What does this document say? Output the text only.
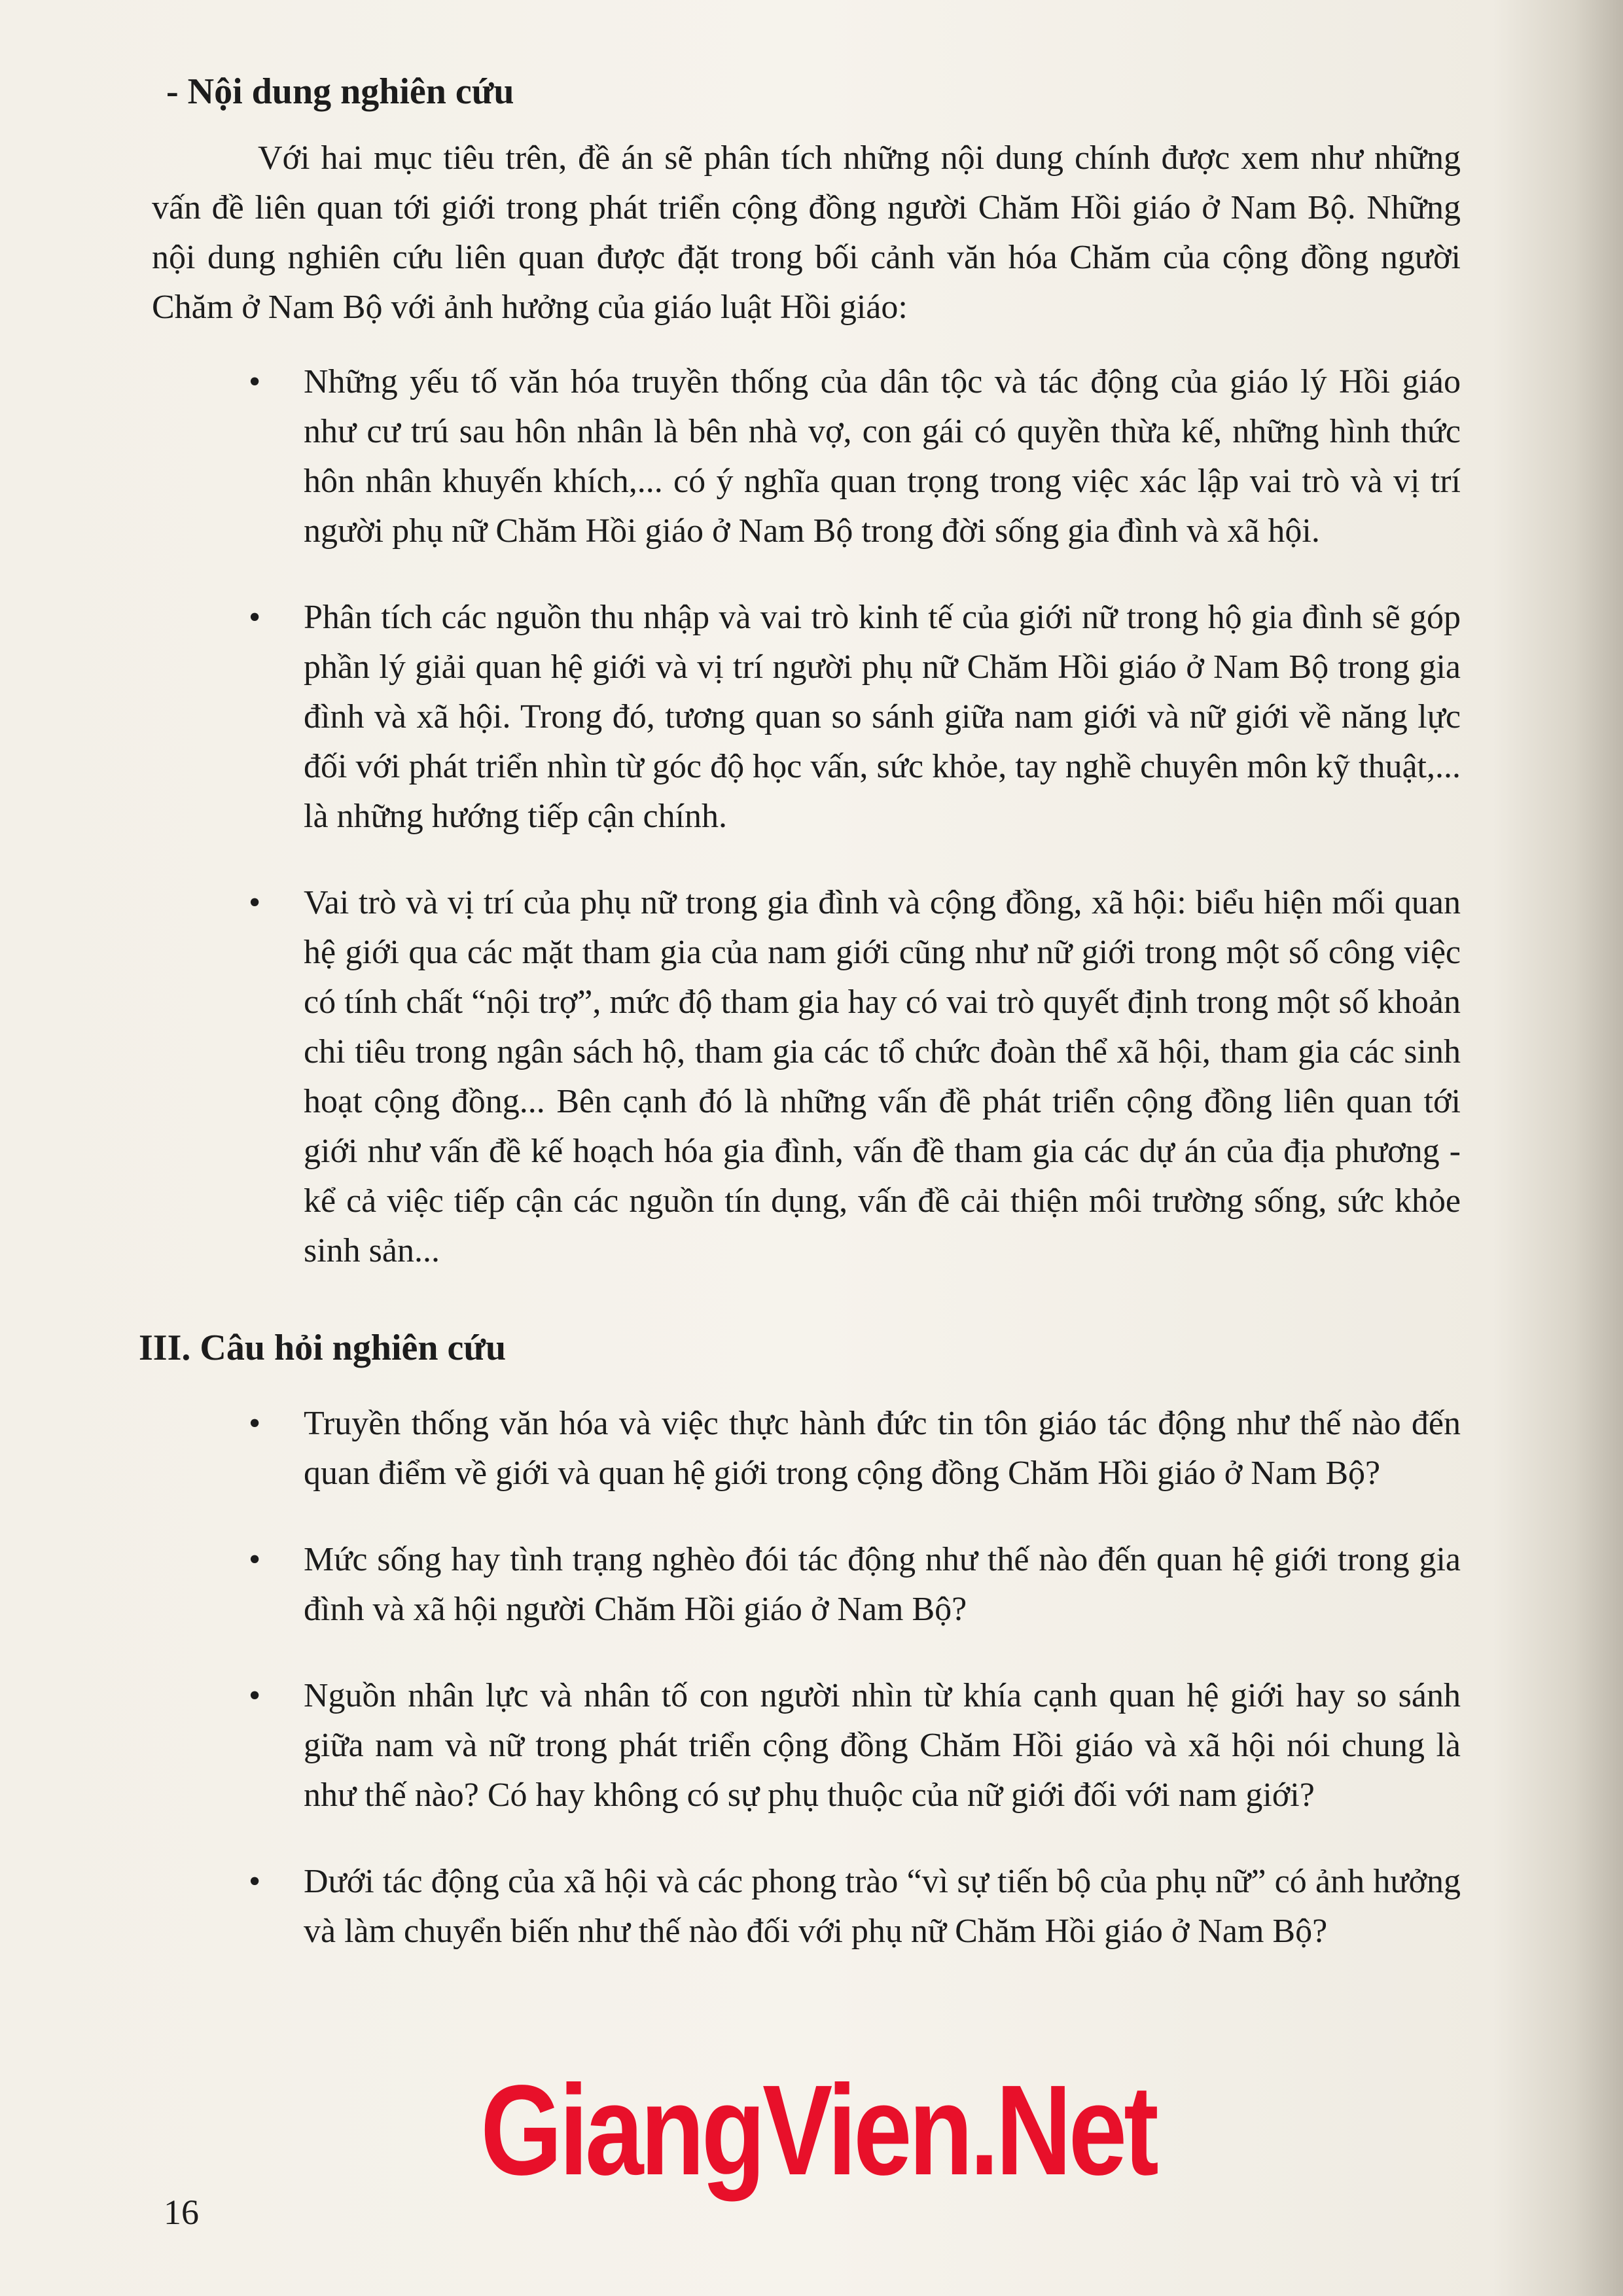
- Nội dung nghiên cứu

Với hai mục tiêu trên, đề án sẽ phân tích những nội dung chính được xem như những vấn đề liên quan tới giới trong phát triển cộng đồng người Chăm Hồi giáo ở Nam Bộ. Những nội dung nghiên cứu liên quan được đặt trong bối cảnh văn hóa Chăm của cộng đồng người Chăm ở Nam Bộ với ảnh hưởng của giáo luật Hồi giáo:

• Những yếu tố văn hóa truyền thống của dân tộc và tác động của giáo lý Hồi giáo như cư trú sau hôn nhân là bên nhà vợ, con gái có quyền thừa kế, những hình thức hôn nhân khuyến khích,... có ý nghĩa quan trọng trong việc xác lập vai trò và vị trí người phụ nữ Chăm Hồi giáo ở Nam Bộ trong đời sống gia đình và xã hội.
• Phân tích các nguồn thu nhập và vai trò kinh tế của giới nữ trong hộ gia đình sẽ góp phần lý giải quan hệ giới và vị trí người phụ nữ Chăm Hồi giáo ở Nam Bộ trong gia đình và xã hội. Trong đó, tương quan so sánh giữa nam giới và nữ giới về năng lực đối với phát triển nhìn từ góc độ học vấn, sức khỏe, tay nghề chuyên môn kỹ thuật,... là những hướng tiếp cận chính.
• Vai trò và vị trí của phụ nữ trong gia đình và cộng đồng, xã hội: biểu hiện mối quan hệ giới qua các mặt tham gia của nam giới cũng như nữ giới trong một số công việc có tính chất “nội trợ”, mức độ tham gia hay có vai trò quyết định trong một số khoản chi tiêu trong ngân sách hộ, tham gia các tổ chức đoàn thể xã hội, tham gia các sinh hoạt cộng đồng... Bên cạnh đó là những vấn đề phát triển cộng đồng liên quan tới giới như vấn đề kế hoạch hóa gia đình, vấn đề tham gia các dự án của địa phương - kể cả việc tiếp cận các nguồn tín dụng, vấn đề cải thiện môi trường sống, sức khỏe sinh sản...
III. Câu hỏi nghiên cứu
• Truyền thống văn hóa và việc thực hành đức tin tôn giáo tác động như thế nào đến quan điểm về giới và quan hệ giới trong cộng đồng Chăm Hồi giáo ở Nam Bộ?
• Mức sống hay tình trạng nghèo đói tác động như thế nào đến quan hệ giới trong gia đình và xã hội người Chăm Hồi giáo ở Nam Bộ?
• Nguồn nhân lực và nhân tố con người nhìn từ khía cạnh quan hệ giới hay so sánh giữa nam và nữ trong phát triển cộng đồng Chăm Hồi giáo và xã hội nói chung là như thế nào? Có hay không có sự phụ thuộc của nữ giới đối với nam giới?
• Dưới tác động của xã hội và các phong trào “vì sự tiến bộ của phụ nữ” có ảnh hưởng và làm chuyển biến như thế nào đối với phụ nữ Chăm Hồi giáo ở Nam Bộ?
16
GiangVien.Net
